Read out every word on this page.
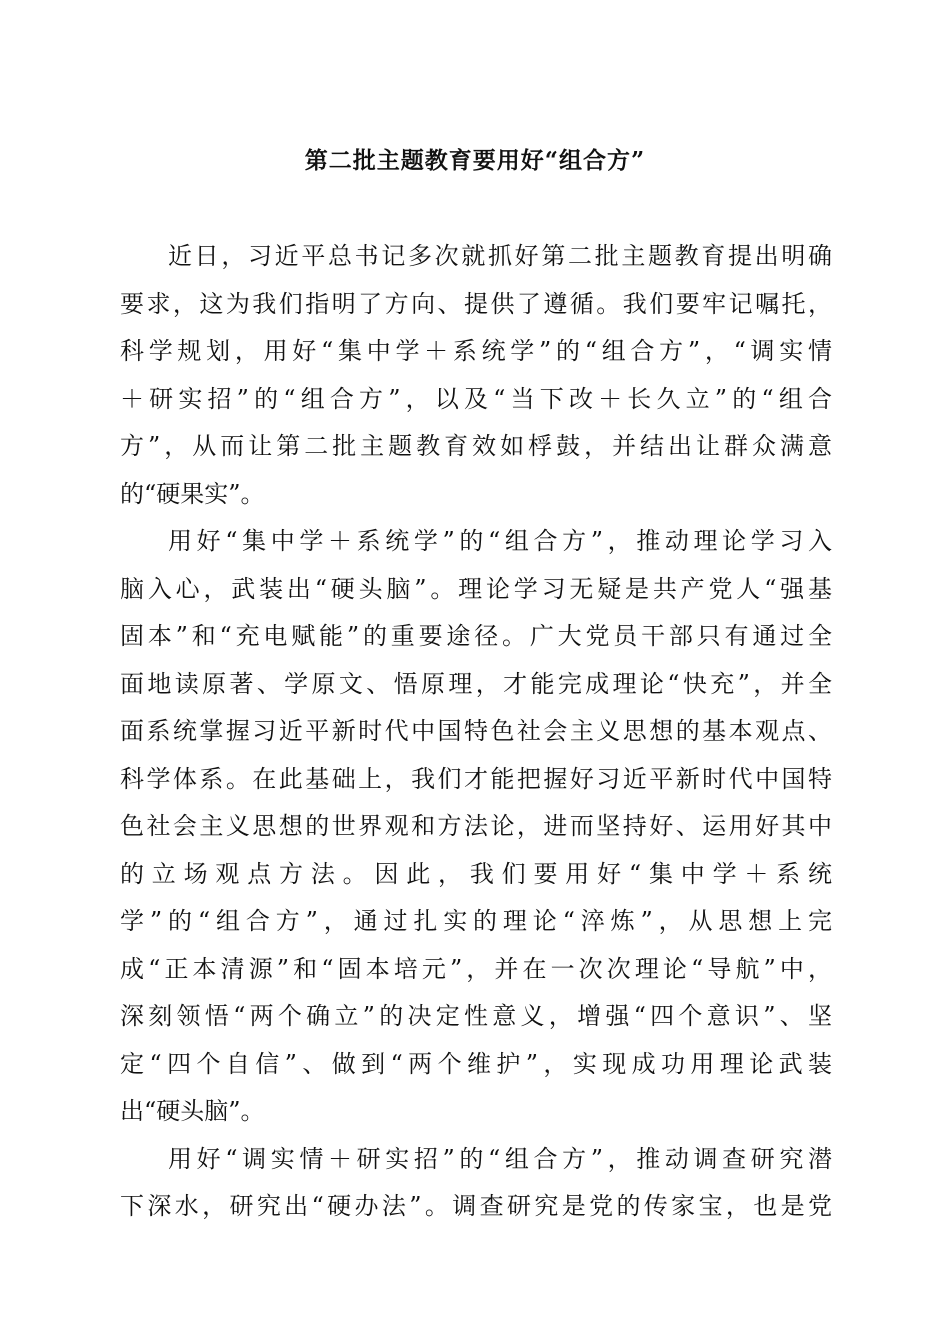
第二批主题教育要用好“组合方”
近日，习近平总书记多次就抓好第二批主题教育提出明确
要求，这为我们指明了方向、提供了遵循。我们要牢记嘱托，
科学规划，用好“集中学＋系统学”的“组合方”，“调实情
＋研实招”的“组合方”，以及“当下改＋长久立”的“组合
方”，从而让第二批主题教育效如桴鼓，并结出让群众满意
的“硬果实”。
用好“集中学＋系统学”的“组合方”，推动理论学习入
脑入心，武装出“硬头脑”。理论学习无疑是共产党人“强基
固本”和“充电赋能”的重要途径。广大党员干部只有通过全
面地读原著、学原文、悟原理，才能完成理论“快充”，并全
面系统掌握习近平新时代中国特色社会主义思想的基本观点、
科学体系。在此基础上，我们才能把握好习近平新时代中国特
色社会主义思想的世界观和方法论，进而坚持好、运用好其中
的立场观点方法。因此，我们要用好“集中学＋系统
学”的“组合方”，通过扎实的理论“淬炼”，从思想上完
成“正本清源”和“固本培元”，并在一次次理论“导航”中，
深刻领悟“两个确立”的决定性意义，增强“四个意识”、坚
定“四个自信”、做到“两个维护”，实现成功用理论武装
出“硬头脑”。
用好“调实情＋研实招”的“组合方”，推动调查研究潜
下深水，研究出“硬办法”。调查研究是党的传家宝，也是党
